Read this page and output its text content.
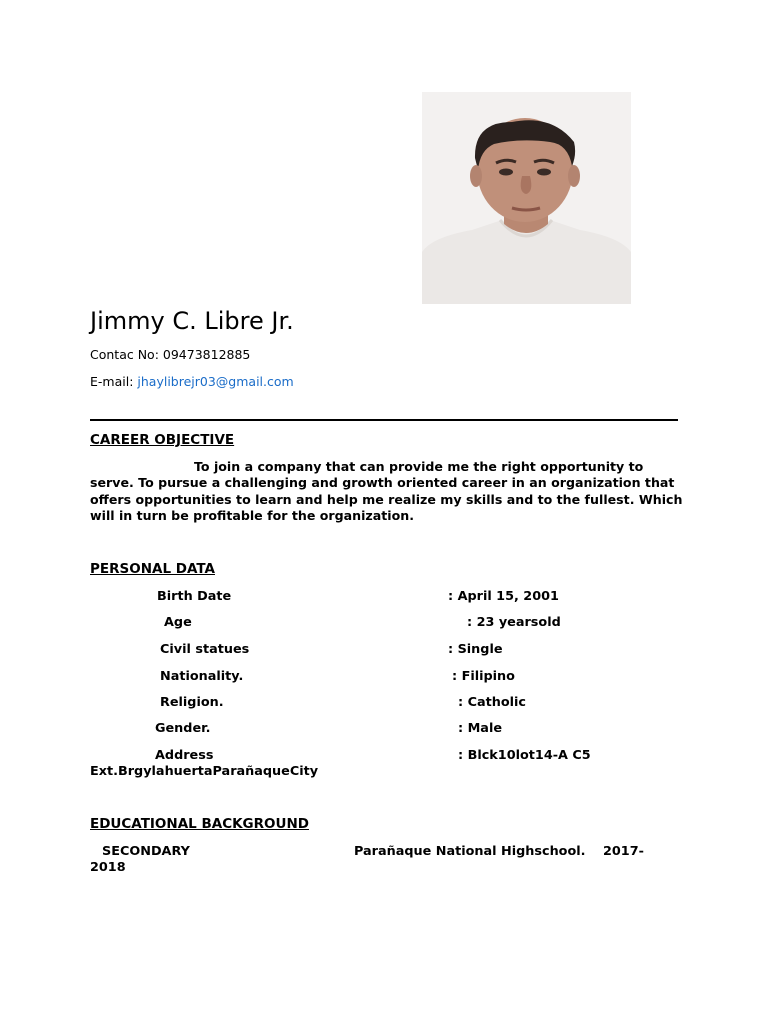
Jimmy C. Libre Jr.
Contac No: 09473812885
E-mail: jhaylibrejr03@gmail.com
CAREER OBJECTIVE
To join a company that can provide me the right opportunity to serve. To pursue a challenging and growth oriented career in an organization that offers opportunities to learn and help me realize my skills and to the fullest. Which will in turn be profitable for the organization.
PERSONAL DATA
Birth Date	: April 15, 2001
Age	: 23 yearsold
Civil statues	: Single
Nationality.	: Filipino
Religion.	: Catholic
Gender.	: Male
Address	: Blck10lot14-A C5
Ext.BrgylahuertaParañaqueCity
EDUCATIONAL BACKGROUND
SECONDARY	Parañaque National Highschool. 2017-
2018
